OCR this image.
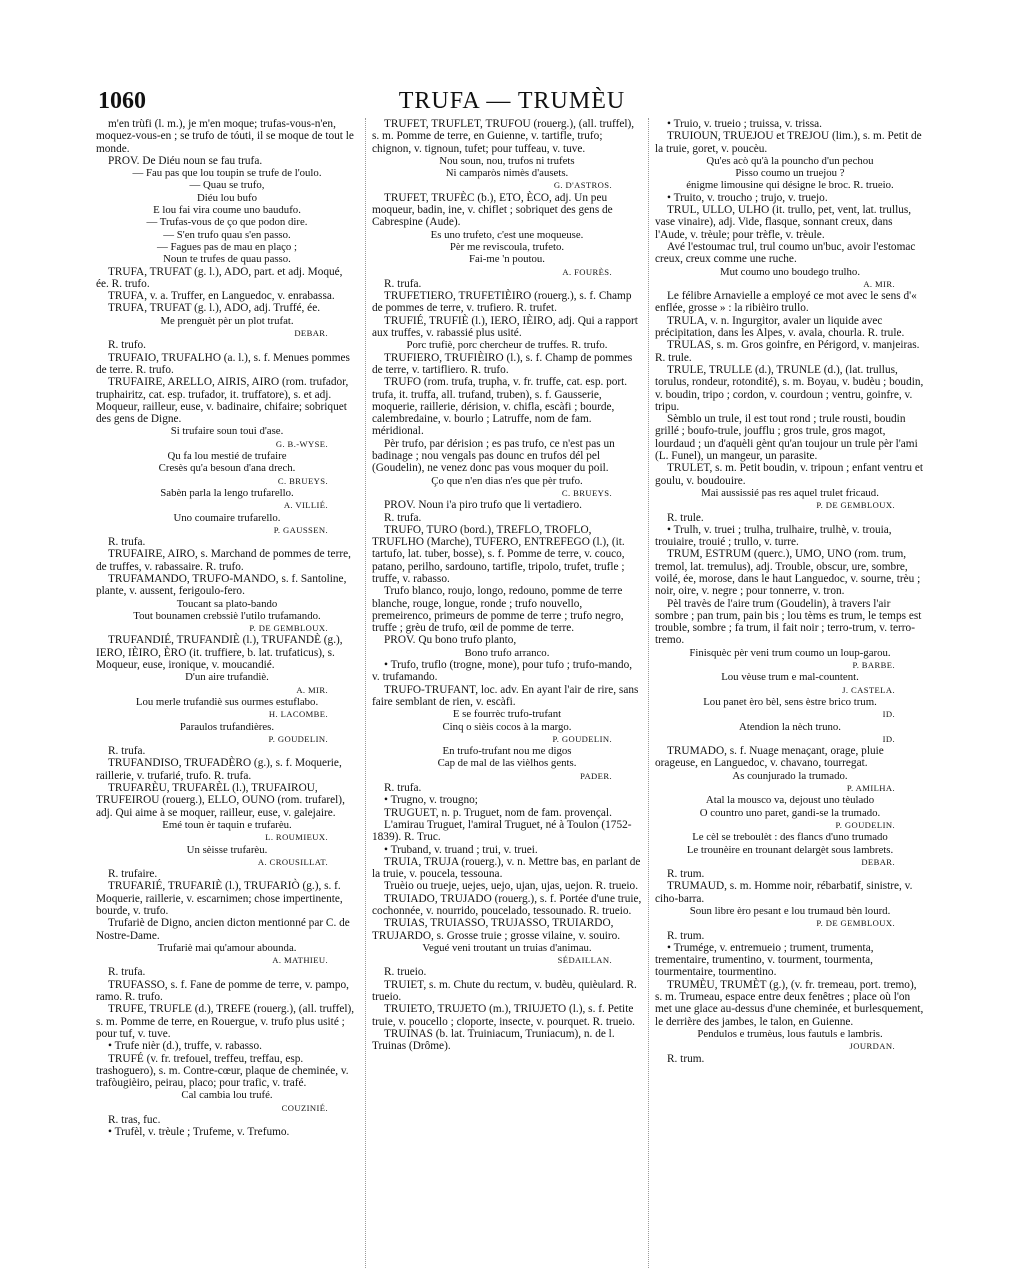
1060	TRUFA — TRUMÈU

m'en trùfi (l. m.), je m'en moque; trufas-vous-n'en, moquez-vous-en ; se trufo de tóuti, il se moque de tout le monde.

PROV. De Diéu noun se fau trufa.

— Fau pas que lou toupin se trufe de l'oulo.

— Quau se trufo,

Diéu lou bufo

E lou fai vira coume uno baudufo.

— Trufas-vous de ço que podon dire.

— S'en trufo quau s'en passo.

— Fagues pas de mau en plaço ;

Noun te trufes de quau passo.

TRUFA, TRUFAT (g. l.), ADO, part. et adj. Moqué, ée. R. trufo.

TRUFA, v. a. Truffer, en Languedoc, v. enrabassa.

TRUFA, TRUFAT (g. l.), ADO, adj. Truffé, ée.

Me prenguèt pèr un plot trufat.

DEBAR.

R. trufo.

TRUFAIO, TRUFALHO (a. l.), s. f. Menues pommes de terre. R. trufo.

TRUFAIRE, ARELLO, AIRIS, AIRO (rom. trufador, truphairitz, cat. esp. trufador, it. truffatore), s. et adj. Moqueur, railleur, euse, v. badinaire, chifaire; sobriquet des gens de Digne.

Si trufaire soun toui d'ase.

G. B.-WYSE.

Qu fa lou mestié de trufaire

Cresès qu'a besoun d'ana drech.

C. BRUEYS.

Sabèn parla la lengo trufarello.

A. VILLIÉ.

Uno coumaire trufarello.

P. GAUSSEN.

R. trufa.

TRUFAIRE, AIRO, s. Marchand de pommes de terre, de truffes, v. rabassaire. R. trufo.

TRUFAMANDO, TRUFO-MANDO, s. f. Santoline, plante, v. aussent, ferigoulo-fero.

Toucant sa plato-bando

Tout bounamen crebssiè l'utilo trufamando.

P. DE GEMBLOUX.

TRUFANDIÉ, TRUFANDIÈ (l.), TRUFANDÈ (g.), IERO, IÈIRO, ÈRO (it. truffiere, b. lat. trufaticus), s. Moqueur, euse, ironique, v. moucandié.

D'un aire trufandiè.

A. MIR.

Lou merle trufandiè sus ourmes estuflabo.

H. LACOMBE.

Paraulos trufandières.

P. GOUDELIN.

R. trufa.

TRUFANDISO, TRUFADÈRO (g.), s. f. Moquerie, raillerie, v. trufarié, trufo. R. trufa.

TRUFARÈU, TRUFARÈL (l.), TRUFAIROU, TRUFEIROU (rouerg.), ELLO, OUNO (rom. trufarel), adj. Qui aime à se moquer, railleur, euse, v. galejaire.

Emé toun èr taquin e trufarèu.

L. ROUMIEUX.

Un sèisse trufarèu.

A. CROUSILLAT.

R. trufaire.

TRUFARIÉ, TRUFARIÈ (l.), TRUFARIÒ (g.), s. f. Moquerie, raillerie, v. escarnimen; chose impertinente, bourde, v. trufo.

Trufariè de Digno, ancien dicton mentionné par C. de Nostre-Dame.

Trufariè mai qu'amour abounda.

A. MATHIEU.

R. trufa.

TRUFASSO, s. f. Fane de pomme de terre, v. pampo, ramo. R. trufo.

TRUFE, TRUFLE (d.), TREFE (rouerg.), (all. truffel), s. m. Pomme de terre, en Rouergue, v. trufo plus usité ; pour tuf, v. tuve.

• Trufe nièr (d.), truffe, v. rabasso.

TRUFÉ (v. fr. trefouel, treffeu, treffau, esp. trashoguero), s. m. Contre-cœur, plaque de cheminée, v. trafòugièiro, peirau, placo; pour trafic, v. trafé.

Cal cambia lou trufé.

COUZINIÉ.

R. tras, fuc.

• Trufèl, v. trèule ; Trufeme, v. Trefumo.

TRUFET, TRUFLET, TRUFOU (rouerg.), (all. truffel), s. m. Pomme de terre, en Guienne, v. tartifle, trufo; chignon, v. tignoun, tufet; pour tuffeau, v. tuve.

Nou soun, nou, trufos ni trufets

Ni camparòs nimès d'ausets.

G. D'ASTROS.

TRUFET, TRUFÈC (b.), ETO, ÈCO, adj. Un peu moqueur, badin, ine, v. chiflet ; sobriquet des gens de Cabrespine (Aude).

Es uno trufeto, c'est une moqueuse.

Pèr me reviscoula, trufeto.

Fai-me 'n poutou.

A. FOURÈS.

R. trufa.

TRUFETIERO, TRUFETIÈIRO (rouerg.), s. f. Champ de pommes de terre, v. trufiero. R. trufet.

TRUFIÉ, TRUFIÈ (l.), IERO, IÈIRO, adj. Qui a rapport aux truffes, v. rabassié plus usité.

Porc trufiè, porc chercheur de truffes. R. trufo.

TRUFIERO, TRUFIÈIRO (l.), s. f. Champ de pommes de terre, v. tartifliero. R. trufo.

TRUFO (rom. trufa, trupha, v. fr. truffe, cat. esp. port. trufa, it. truffa, all. trufand, truben), s. f. Gausserie, moquerie, raillerie, dérision, v. chifla, escàfi ; bourde, calembredaine, v. bourlo ; Latruffe, nom de fam. méridional.

Pèr trufo, par dérision ; es pas trufo, ce n'est pas un badinage ; nou vengals pas dounc en trufos dél pel (Goudelin), ne venez donc pas vous moquer du poil.

Ço que n'en dias n'es que pèr trufo.

C. BRUEYS.

PROV. Noun i'a piro trufo que li vertadiero.

R. trufa.

TRUFO, TURO (bord.), TREFLO, TROFLO, TRUFLHO (Marche), TUFERO, ENTREFEGO (l.), (it. tartufo, lat. tuber, bosse), s. f. Pomme de terre, v. couco, patano, perilho, sardouno, tartifle, tripolo, trufet, trufle ; truffe, v. rabasso.

Trufo blanco, roujo, longo, redouno, pomme de terre blanche, rouge, longue, ronde ; trufo nouvello, premeirenco, primeurs de pomme de terre ; trufo negro, truffe ; grèu de trufo, œil de pomme de terre.

PROV. Qu bono trufo planto,

Bono trufo arranco.

• Trufo, truflo (trogne, mone), pour tufo ; trufo-mando, v. trufamando.

TRUFO-TRUFANT, loc. adv. En ayant l'air de rire, sans faire semblant de rien, v. escàfi.

E se fourrèc trufo-trufant

Cinq o sièis cocos à la margo.

P. GOUDELIN.

En trufo-trufant nou me digos

Cap de mal de las vièlhos gents.

PADER.

R. trufa.

• Trugno, v. trougno;

TRUGUET, n. p. Truguet, nom de fam. provençal.

L'amirau Truguet, l'amiral Truguet, né à Toulon (1752-1839). R. Truc.

• Truband, v. truand ; trui, v. truei.

TRUIA, TRUJA (rouerg.), v. n. Mettre bas, en parlant de la truie, v. poucela, tessouna.

Truèio ou trueje, uejes, uejo, ujan, ujas, uejon. R. trueio.

TRUIADO, TRUJADO (rouerg.), s. f. Portée d'une truie, cochonnée, v. nourrido, poucelado, tessounado. R. trueio.

TRUIAS, TRUIASSO, TRUJASSO, TRUIARDO, TRUJARDO, s. Grosse truie ; grosse vilaine, v. souiro.

Vegué veni troutant un truias d'animau.

SÉDAILLAN.

R. trueio.

TRUIET, s. m. Chute du rectum, v. budèu, quièulard. R. trueio.

TRUIETO, TRUJETO (m.), TRIUJETO (l.), s. f. Petite truie, v. poucello ; cloporte, insecte, v. pourquet. R. trueio.

TRUINAS (b. lat. Truiniacum, Truniacum), n. de l. Truinas (Drôme).

• Truio, v. trueio ; truissa, v. trissa.

TRUIOUN, TRUEJOU et TREJOU (lim.), s. m. Petit de la truie, goret, v. poucèu.

Qu'es acò qu'à la pouncho d'un pechou

Pisso coumo un truejou ?

énigme limousine qui désigne le broc. R. trueio.

• Truito, v. troucho ; trujo, v. truejo.

TRUL, ULLO, ULHO (it. trullo, pet, vent, lat. trullus, vase vinaire), adj. Vide, flasque, sonnant creux, dans l'Aude, v. trèule; pour trèfle, v. trèule.

Avé l'estoumac trul, trul coumo un'buc, avoir l'estomac creux, creux comme une ruche.

Mut coumo uno boudego trulho.

A. MIR.

Le félibre Arnavielle a employé ce mot avec le sens d'« enflée, grosse » : la ribièiro trullo.

TRULA, v. n. Ingurgitor, avaler un liquide avec précipitation, dans les Alpes, v. avala, chourla. R. trule.

TRULAS, s. m. Gros goinfre, en Périgord, v. manjeiras. R. trule.

TRULE, TRULLE (d.), TRUNLE (d.), (lat. trullus, torulus, rondeur, rotondité), s. m. Boyau, v. budèu ; boudin, v. boudin, tripo ; cordon, v. courdoun ; ventru, goinfre, v. tripu.

Sèmblo un trule, il est tout rond ; trule rousti, boudin grillé ; boufo-trule, joufflu ; gros trule, gros magot, lourdaud ; un d'aquèli gènt qu'an toujour un trule pèr l'ami (L. Funel), un mangeur, un parasite.

TRULET, s. m. Petit boudin, v. tripoun ; enfant ventru et goulu, v. boudouire.

Mai aussissié pas res aquel trulet fricaud.

P. DE GEMBLOUX.

R. trule.

• Trulh, v. truei ; trulha, trulhaire, trulhè, v. trouia, trouiaire, trouié ; trullo, v. turre.

TRUM, ESTRUM (querc.), UMO, UNO (rom. trum, tremol, lat. tremulus), adj. Trouble, obscur, ure, sombre, voilé, ée, morose, dans le haut Languedoc, v. sourne, trèu ; noir, oire, v. negre ; pour tonnerre, v. tron.

Pèl travès de l'aire trum (Goudelin), à travers l'air sombre ; pan trum, pain bis ; lou tèms es trum, le temps est trouble, sombre ; fa trum, il fait noir ; terro-trum, v. terro-tremo.

Finisquèc pèr veni trum coumo un loup-garou.

P. BARBE.

Lou vèuse trum e mal-countent.

J. CASTELA.

Lou panet èro bèl, sens èstre brico trum.

ID.

Atendion la nèch truno.

ID.

TRUMADO, s. f. Nuage menaçant, orage, pluie orageuse, en Languedoc, v. chavano, tourregat.

As counjurado la trumado.

P. AMILHA.

Atal la mousco va, dejoust uno tèulado

O countro uno paret, gandi-se la trumado.

P. GOUDELIN.

Le cèl se treboulèt : des flancs d'uno trumado

Le trounèire en trounant delargèt sous lambrets.

DEBAR.

R. trum.

TRUMAUD, s. m. Homme noir, rébarbatif, sinistre, v. ciho-barra.

Soun libre èro pesant e lou trumaud bèn lourd.

P. DE GEMBLOUX.

R. trum.

• Trumége, v. entremueio ; trument, trumenta, trementaire, trumentino, v. tourment, tourmenta, tourmentaire, tourmentino.

TRUMÈU, TRUMÈT (g.), (v. fr. tremeau, port. tremo), s. m. Trumeau, espace entre deux fenêtres ; place où l'on met une glace au-dessus d'une cheminée, et burlesquement, le derrière des jambes, le talon, en Guienne.

Pendulos e trumèus, lous fautuls e lambris.

JOURDAN.

R. trum.
